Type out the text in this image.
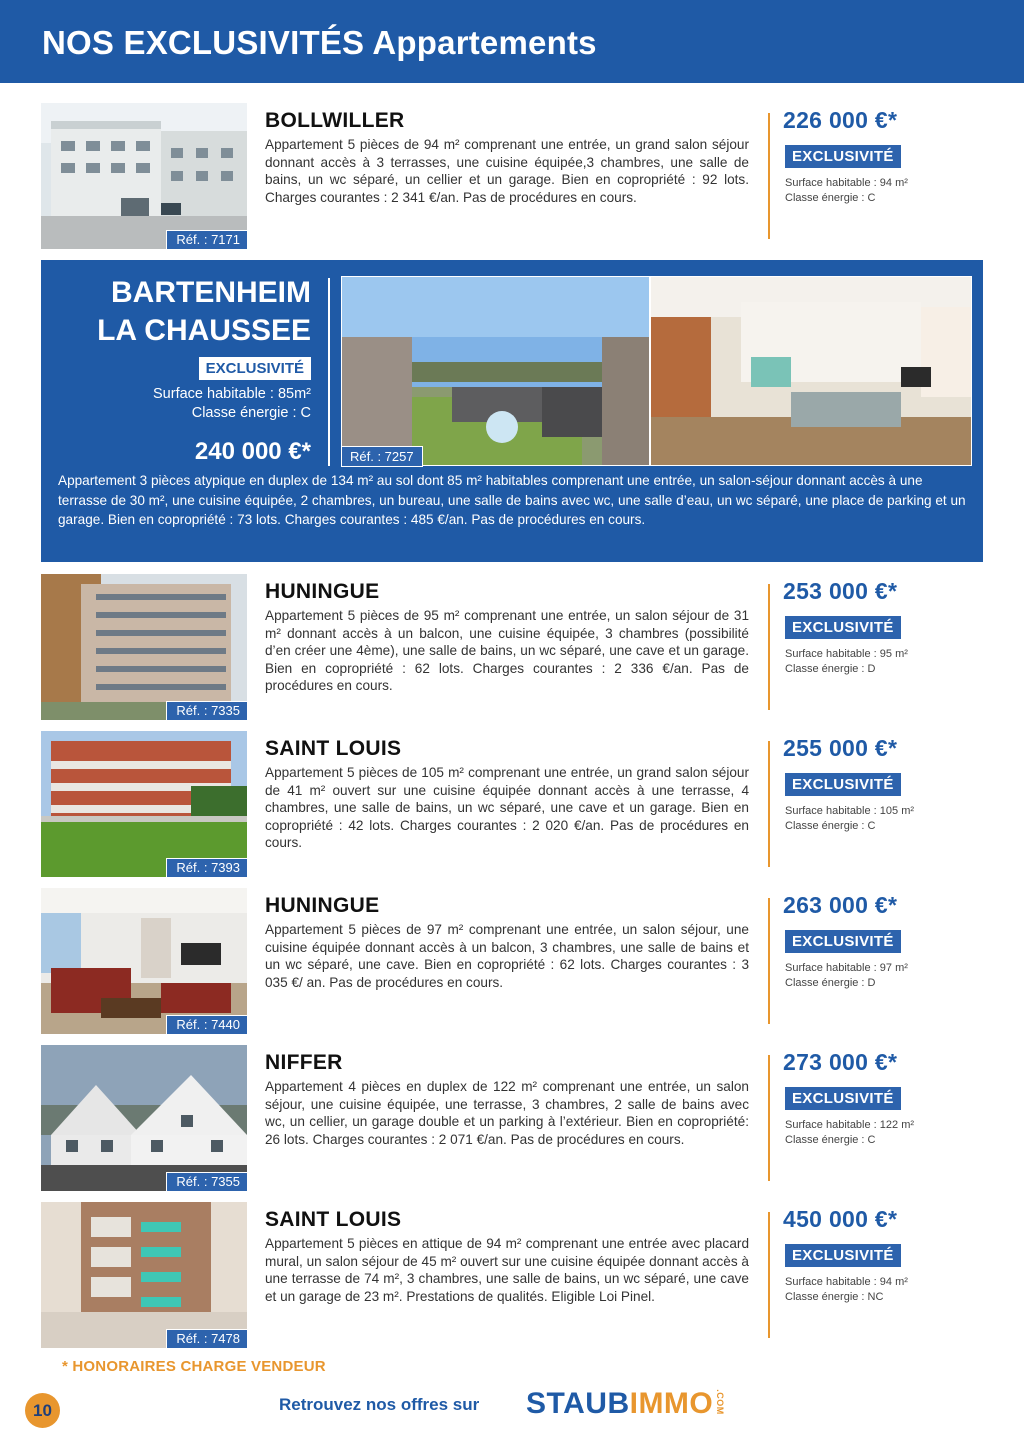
NOS EXCLUSIVITÉS Appartements
Réf. : 7171
BOLLWILLER

Appartement 5 pièces de 94 m² comprenant une entrée, un grand salon séjour donnant accès à 3 terrasses, une cuisine équipée,3 chambres, une salle de bains, un wc séparé, un cellier et un garage. Bien en copropriété : 92 lots. Charges courantes : 2 341 €/an. Pas de procédures en cours.

226 000 €*
EXCLUSIVITÉ
Surface habitable : 94 m²
Classe énergie : C
BARTENHEIM
LA CHAUSSEE
EXCLUSIVITÉ
Surface habitable : 85m²
Classe énergie : C
240 000 €*	Réf. : 7257

Appartement 3 pièces atypique en duplex de 134 m² au sol dont 85 m² habitables comprenant une entrée, un salon-séjour donnant accès à une terrasse de 30 m², une cuisine équipée, 2 chambres, un bureau, une salle de bains avec wc, une salle d’eau, un wc séparé, une place de parking et un garage. Bien en copropriété : 73 lots. Charges courantes : 485 €/an. Pas de procédures en cours.

Réf. : 7335
HUNINGUE

Appartement 5 pièces de 95 m² comprenant une entrée, un salon séjour de 31 m² donnant accès à un balcon, une cuisine équipée, 3 chambres (possibilité d’en créer une 4ème), une salle de bains, un wc séparé, une cave et un garage. Bien en copropriété : 62 lots. Charges courantes : 2 336 €/an. Pas de procédures en cours.

253 000 €*
EXCLUSIVITÉ
Surface habitable : 95 m²
Classe énergie : D
Réf. : 7393
SAINT LOUIS

Appartement 5 pièces de 105 m² comprenant une entrée, un grand salon séjour de 41 m² ouvert sur une cuisine équipée donnant accès à une terrasse, 4 chambres, une salle de bains, un wc séparé, une cave et un garage. Bien en copropriété : 42 lots. Charges courantes : 2 020 €/an. Pas de procédures en cours.

255 000 €*
EXCLUSIVITÉ
Surface habitable : 105 m²
Classe énergie : C
Réf. : 7440
HUNINGUE

Appartement 5 pièces de 97 m² comprenant une entrée, un salon séjour, une cuisine équipée donnant accès à un balcon, 3 chambres, une salle de bains et un wc séparé, une cave. Bien en copropriété : 62 lots. Charges courantes : 3 035 €/ an. Pas de procédures en cours.

263 000 €*
EXCLUSIVITÉ
Surface habitable : 97 m²
Classe énergie : D
Réf. : 7355
NIFFER

Appartement 4 pièces en duplex de 122 m² comprenant une entrée, un salon séjour, une cuisine équipée, une terrasse, 3 chambres, 2 salle de bains avec wc, un cellier, un garage double et un parking à l’extérieur. Bien en copropriété: 26 lots. Charges courantes : 2 071 €/an. Pas de procédures en cours.

273 000 €*
EXCLUSIVITÉ
Surface habitable : 122 m²
Classe énergie : C
Réf. : 7478
SAINT LOUIS

Appartement 5 pièces en attique de 94 m² comprenant une entrée avec placard mural, un salon séjour de 45 m² ouvert sur une cuisine équipée donnant accès à une terrasse de 74 m², 3 chambres, une salle de bains, un wc séparé, une cave et un garage de 23 m². Prestations de qualités. Eligible Loi Pinel.

450 000 €*
EXCLUSIVITÉ
Surface habitable : 94 m²
Classe énergie : NC
* HONORAIRES CHARGE VENDEUR
10	Retrouvez nos offres sur STAUBIMMO .COM
